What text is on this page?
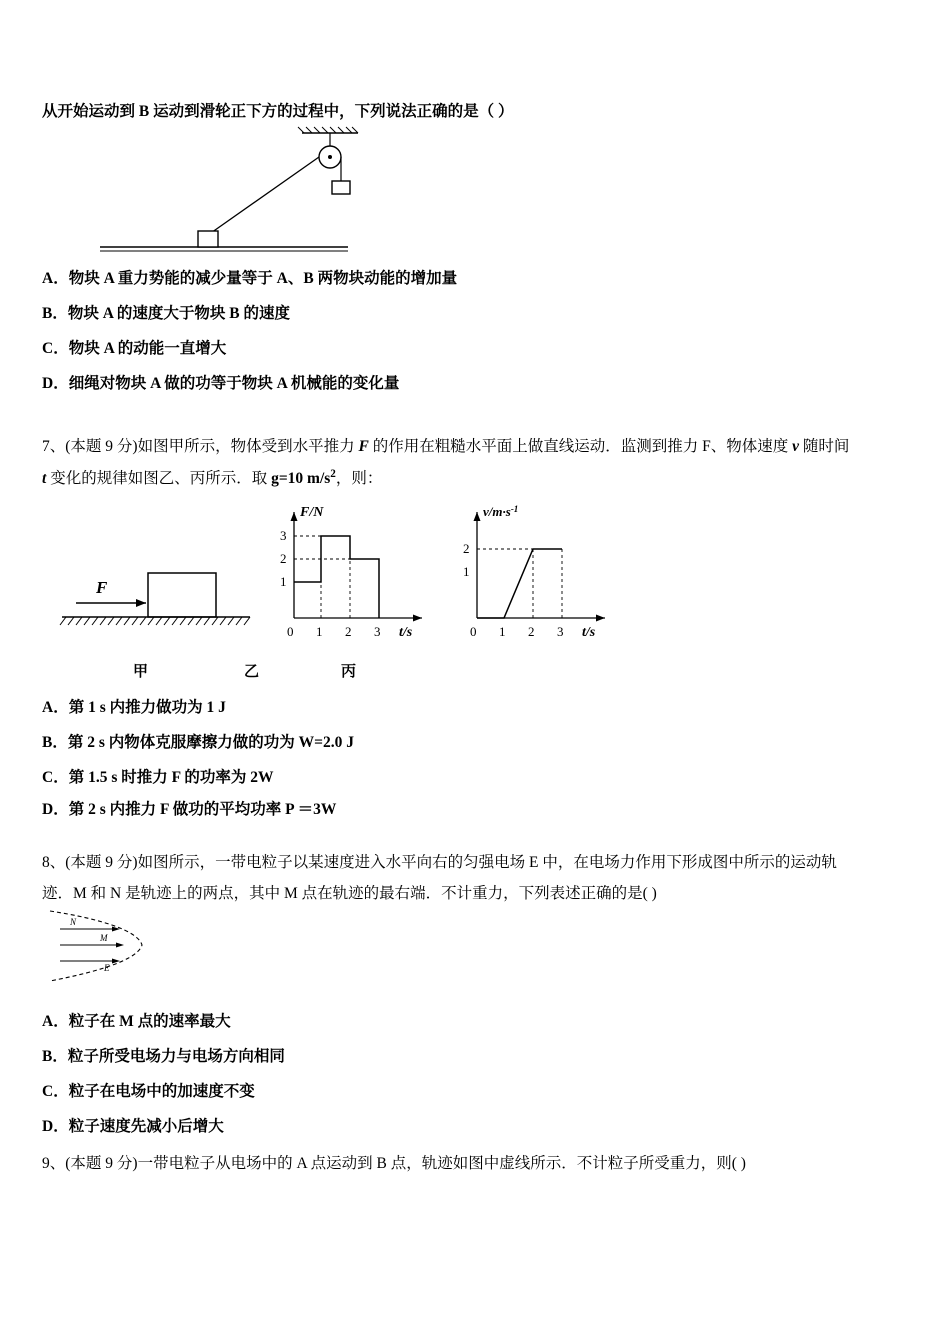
从开始运动到 B 运动到滑轮正下方的过程中，下列说法正确的是（ ）
A．物块 A 重力势能的减少量等于 A、B 两物块动能的增加量
B．物块 A 的速度大于物块 B 的速度
C．物块 A 的动能一直增大
D．细绳对物块 A 做的功等于物块 A 机械能的变化量
7、(本题 9 分)如图甲所示，物体受到水平推力 F 的作用在粗糙水平面上做直线运动．监测到推力 F、物体速度 v 随时间
t 变化的规律如图乙、丙所示．取 g=10 $m/s^2$，则：
F
F/N
t/s
3
2
1
0 1 2 3
$v/m\cdot s^{-1}$
t/s
2
1
0 1 2 3
甲	乙	丙
A．第 1 s 内推力做功为 1 J
B．第 2 s 内物体克服摩擦力做的功为 W=2.0 J
C．第 1.5 s 时推力 F 的功率为 2W
D．第 2 s 内推力 F 做功的平均功率 P ＝3W
8、(本题 9 分)如图所示，一带电粒子以某速度进入水平向右的匀强电场 E 中，在电场力作用下形成图中所示的运动轨
迹．M 和 N 是轨迹上的两点，其中 M 点在轨迹的最右端．不计重力，下列表述正确的是( )
N
M
E
A．粒子在 M 点的速率最大
B．粒子所受电场力与电场方向相同
C．粒子在电场中的加速度不变
D．粒子速度先减小后增大
9、(本题 9 分)一带电粒子从电场中的 A 点运动到 B 点，轨迹如图中虚线所示．不计粒子所受重力，则( )
